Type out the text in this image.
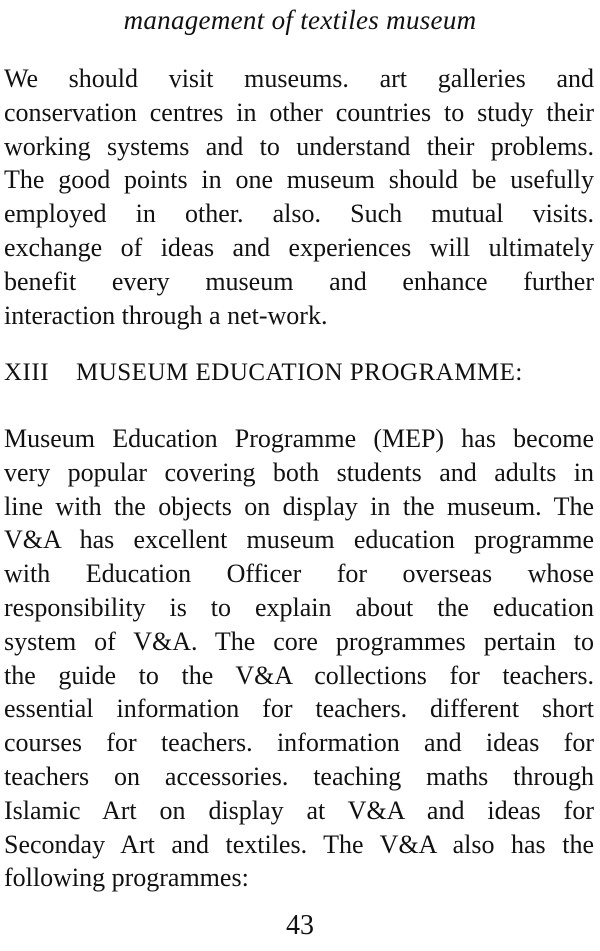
management of textiles museum

We should visit museums. art galleries and
conservation centres in other countries to study their
working systems and to understand their problems.
The good points in one museum should be usefully
employed in other. also. Such mutual visits.
exchange of ideas and experiences will ultimately
benefit every museum and enhance further
interaction through a net-work.

XIII MUSEUM EDUCATION PROGRAMME:

Museum Education Programme (MEP) has become
very popular covering both students and adults in
line with the objects on display in the museum. The
V&A has excellent museum education programme
with Education Officer for overseas whose
responsibility is to explain about the education
system of V&A. The core programmes pertain to
the guide to the V&A collections for teachers.
essential information for teachers. different short
courses for teachers. information and ideas for
teachers on accessories. teaching maths through
Islamic Art on display at V&A and ideas for
Seconday Art and textiles. The V&A also has the
following programmes:

43
